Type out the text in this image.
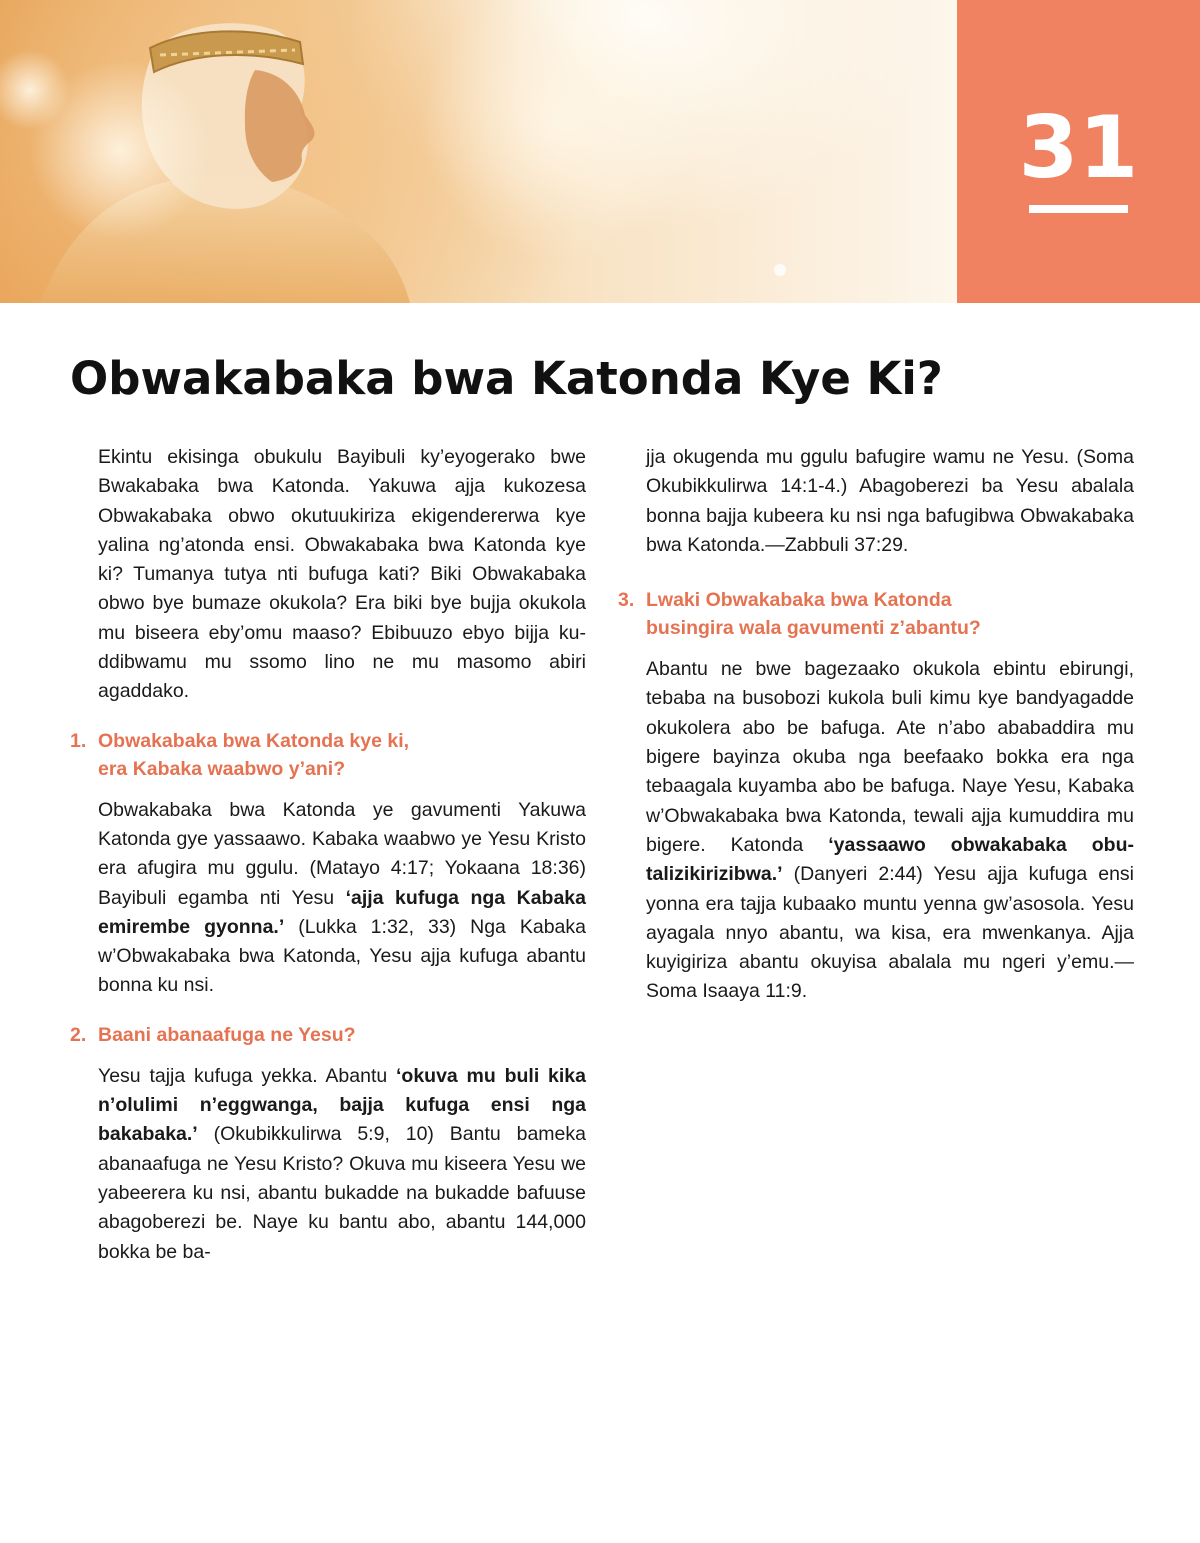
31
Obwakabaka bwa Katonda Kye Ki?

Ekintu ekisinga obukulu Bayibuli ky’eyogerako bwe Bwakabaka bwa Katonda. Yakuwa ajja kukozesa Obwakabaka obwo okutuukiriza ekigendererwa kye yalina ng’atonda ensi. Obwakabaka bwa Katonda kye ki? Tumanya tutya nti bufuga kati? Biki Obwakabaka obwo bye bumaze okukola? Era biki bye bujja okukola mu biseera eby’omu maaso? Ebibuuzo ebyo bijja kuddibwamu mu ssomo lino ne mu masomo abiri agaddako.

1. Obwakabaka bwa Katonda kye ki,
era Kabaka waabwo y’ani?

Obwakabaka bwa Katonda ye gavumenti Yakuwa Katonda gye yassaawo. Kabaka waabwo ye Yesu Kristo era afugira mu ggulu. (Matayo 4:17; Yokaana 18:36) Bayibuli egamba nti Yesu ‘ajja kufuga nga Kabaka emirembe gyonna.’ (Lukka 1:32, 33) Nga Kabaka w’Obwakabaka bwa Katonda, Yesu ajja kufuga abantu bonna ku nsi.

2. Baani abanaafuga ne Yesu?

Yesu tajja kufuga yekka. Abantu ‘okuva mu buli kika n’olulimi n’eggwanga, bajja kufuga ensi nga bakabaka.’ (Okubikkulirwa 5:9, 10) Bantu bameka abanaafuga ne Yesu Kristo? Okuva mu kiseera Yesu we yabeerera ku nsi, abantu bukadde na bukadde bafuuse abagoberezi be. Naye ku bantu abo, abantu 144,000 bokka be ba-

jja okugenda mu ggulu bafugire wamu ne Yesu. (Soma Okubikkulirwa 14:1-4.) Abagoberezi ba Yesu abalala bonna bajja kubeera ku nsi nga bafugibwa Obwakabaka bwa Katonda.—Zabbuli 37:29.

3. Lwaki Obwakabaka bwa Katonda
busingira wala gavumenti z’abantu?

Abantu ne bwe bagezaako okukola ebintu ebirungi, tebaba na busobozi kukola buli kimu kye bandyagadde okukolera abo be bafuga. Ate n’abo ababaddira mu bigere bayinza okuba nga beefaako bokka era nga tebaagala kuyamba abo be bafuga. Naye Yesu, Kabaka w’Obwakabaka bwa Katonda, tewali ajja kumuddira mu bigere. Katonda ‘yassaawo obwakabaka obutalizikirizibwa.’ (Danyeri 2:44) Yesu ajja kufuga ensi yonna era tajja kubaako muntu yenna gw’asosola. Yesu ayagala nnyo abantu, wa kisa, era mwenkanya. Ajja kuyigiriza abantu okuyisa abalala mu ngeri y’emu.—Soma Isaaya 11:9.
